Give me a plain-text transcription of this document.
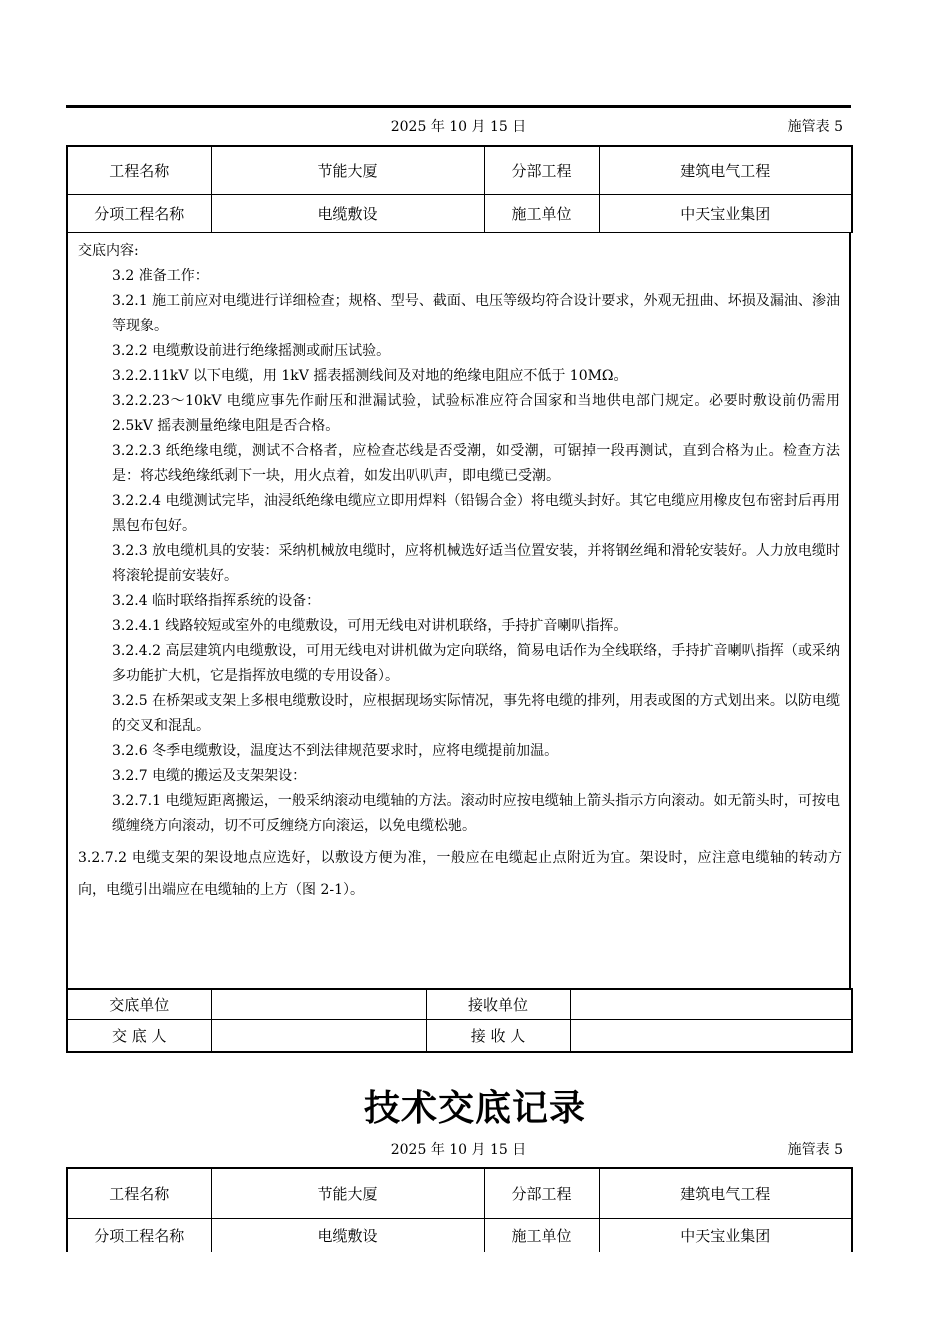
2025 年 10 月 15 日	施管表 5
工程名称	节能大厦	分部工程	建筑电气工程
分项工程名称	电缆敷设	施工单位	中天宝业集团
交底内容:
3.2 准备工作：
3.2.1 施工前应对电缆进行详细检查；规格、型号、截面、电压等级均符合设计要求，外观无扭曲、坏损及漏油、渗油等现象。
3.2.2 电缆敷设前进行绝缘摇测或耐压试验。
3.2.2.11kV 以下电缆，用 1kV 摇表摇测线间及对地的绝缘电阻应不低于 10MΩ。
3.2.2.23～10kV 电缆应事先作耐压和泄漏试验，试验标准应符合国家和当地供电部门规定。必要时敷设前仍需用 2.5kV 摇表测量绝缘电阻是否合格。
3.2.2.3 纸绝缘电缆，测试不合格者，应检查芯线是否受潮，如受潮，可锯掉一段再测试，直到合格为止。检查方法是：将芯线绝缘纸剥下一块，用火点着，如发出叭叭声，即电缆已受潮。
3.2.2.4 电缆测试完毕，油浸纸绝缘电缆应立即用焊料（铅锡合金）将电缆头封好。其它电缆应用橡皮包布密封后再用黑包布包好。
3.2.3 放电缆机具的安装：采纳机械放电缆时，应将机械选好适当位置安装，并将钢丝绳和滑轮安装好。人力放电缆时将滚轮提前安装好。
3.2.4 临时联络指挥系统的设备：
3.2.4.1 线路较短或室外的电缆敷设，可用无线电对讲机联络，手持扩音喇叭指挥。
3.2.4.2 高层建筑内电缆敷设，可用无线电对讲机做为定向联络，简易电话作为全线联络，手持扩音喇叭指挥（或采纳多功能扩大机，它是指挥放电缆的专用设备）。
3.2.5 在桥架或支架上多根电缆敷设时，应根据现场实际情况，事先将电缆的排列，用表或图的方式划出来。以防电缆的交叉和混乱。
3.2.6 冬季电缆敷设，温度达不到法律规范要求时，应将电缆提前加温。
3.2.7 电缆的搬运及支架架设：
3.2.7.1 电缆短距离搬运，一般采纳滚动电缆轴的方法。滚动时应按电缆轴上箭头指示方向滚动。如无箭头时，可按电缆缠绕方向滚动，切不可反缠绕方向滚运，以免电缆松驰。
3.2.7.2 电缆支架的架设地点应选好，以敷设方便为准，一般应在电缆起止点附近为宜。架设时，应注意电缆轴的转动方向，电缆引出端应在电缆轴的上方（图 2-1）。
交底单位		接收单位	
交 底 人		接 收 人	
技术交底记录
2025 年 10 月 15 日	施管表 5
工程名称	节能大厦	分部工程	建筑电气工程
分项工程名称	电缆敷设	施工单位	中天宝业集团
